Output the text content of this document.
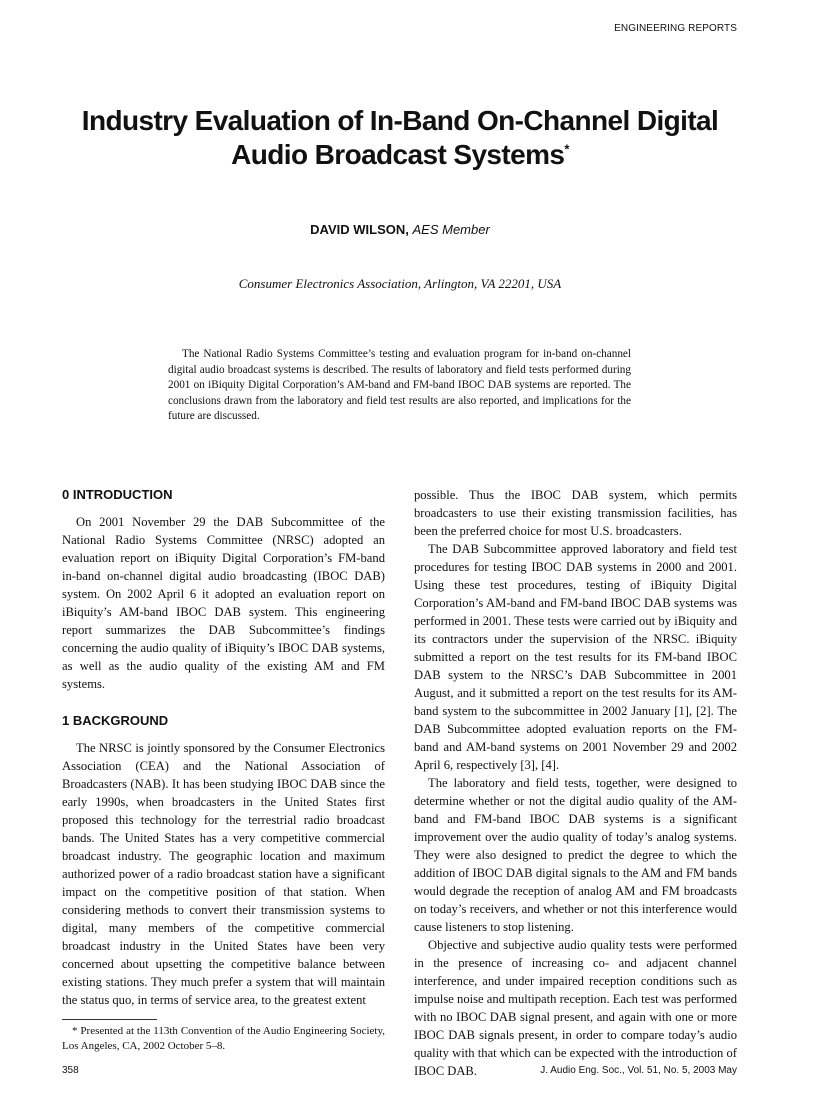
ENGINEERING REPORTS
Industry Evaluation of In-Band On-Channel Digital
Audio Broadcast Systems*
DAVID WILSON, AES Member
Consumer Electronics Association, Arlington, VA 22201, USA
The National Radio Systems Committee’s testing and evaluation program for in-band on-channel digital audio broadcast systems is described. The results of laboratory and field tests performed during 2001 on iBiquity Digital Corporation’s AM-band and FM-band IBOC DAB systems are reported. The conclusions drawn from the laboratory and field test results are also reported, and implications for the future are discussed.
0 INTRODUCTION

On 2001 November 29 the DAB Subcommittee of the National Radio Systems Committee (NRSC) adopted an evaluation report on iBiquity Digital Corporation’s FM-band in-band on-channel digital audio broadcasting (IBOC DAB) system. On 2002 April 6 it adopted an evaluation report on iBiquity’s AM-band IBOC DAB system. This engineering report summarizes the DAB Subcommittee’s findings concerning the audio quality of iBiquity’s IBOC DAB systems, as well as the audio quality of the existing AM and FM systems.

1 BACKGROUND

The NRSC is jointly sponsored by the Consumer Electronics Association (CEA) and the National Association of Broadcasters (NAB). It has been studying IBOC DAB since the early 1990s, when broadcasters in the United States first proposed this technology for the terrestrial radio broadcast bands. The United States has a very competitive commercial broadcast industry. The geographic location and maximum authorized power of a radio broadcast station have a significant impact on the competitive position of that station. When considering methods to convert their transmission systems to digital, many members of the competitive commercial broadcast industry in the United States have been very concerned about upsetting the competitive balance between existing stations. They much prefer a system that will maintain the status quo, in terms of service area, to the greatest extent

possible. Thus the IBOC DAB system, which permits broadcasters to use their existing transmission facilities, has been the preferred choice for most U.S. broadcasters.

The DAB Subcommittee approved laboratory and field test procedures for testing IBOC DAB systems in 2000 and 2001. Using these test procedures, testing of iBiquity Digital Corporation’s AM-band and FM-band IBOC DAB systems was performed in 2001. These tests were carried out by iBiquity and its contractors under the supervision of the NRSC. iBiquity submitted a report on the test results for its FM-band IBOC DAB system to the NRSC’s DAB Subcommittee in 2001 August, and it submitted a report on the test results for its AM-band system to the subcommittee in 2002 January [1], [2]. The DAB Subcommittee adopted evaluation reports on the FM-band and AM-band systems on 2001 November 29 and 2002 April 6, respectively [3], [4].

The laboratory and field tests, together, were designed to determine whether or not the digital audio quality of the AM-band and FM-band IBOC DAB systems is a significant improvement over the audio quality of today’s analog systems. They were also designed to predict the degree to which the addition of IBOC DAB digital signals to the AM and FM bands would degrade the reception of analog AM and FM broadcasts on today’s receivers, and whether or not this interference would cause listeners to stop listening.

Objective and subjective audio quality tests were performed in the presence of increasing co- and adjacent channel interference, and under impaired reception conditions such as impulse noise and multipath reception. Each test was performed with no IBOC DAB signal present, and again with one or more IBOC DAB signals present, in order to compare today’s audio quality with that which can be expected with the introduction of IBOC DAB.

* Presented at the 113th Convention of the Audio Engineering Society, Los Angeles, CA, 2002 October 5–8.

358	J. Audio Eng. Soc., Vol. 51, No. 5, 2003 May
